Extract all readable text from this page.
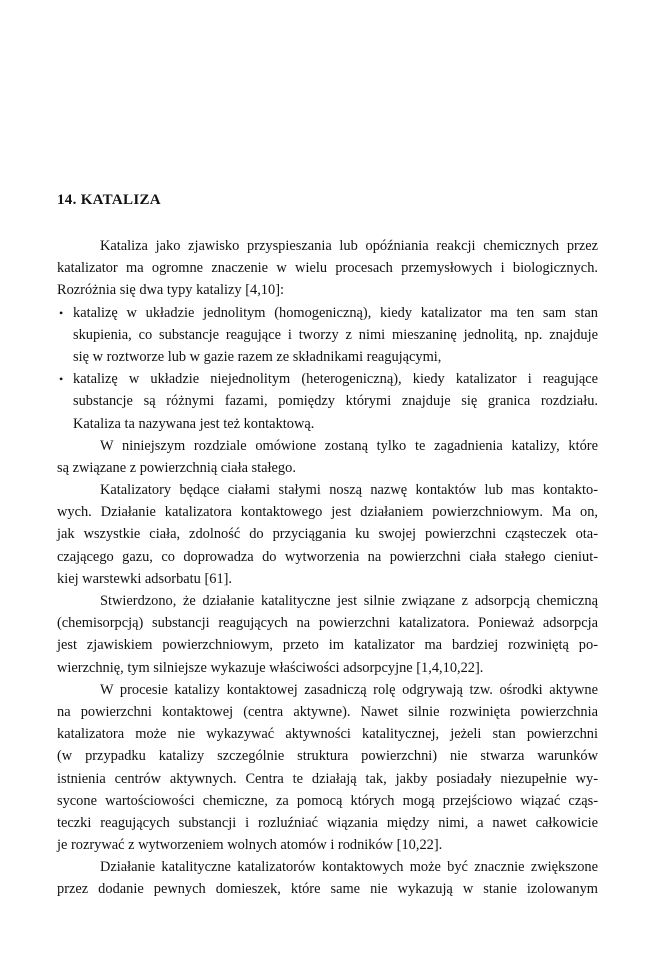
14. KATALIZA
Kataliza jako zjawisko przyspieszania lub opóźniania reakcji chemicznych przez
katalizator ma ogromne znaczenie w wielu procesach przemysłowych i biologicznych.
Rozróżnia się dwa typy katalizy [4,10]:
• katalizę w układzie jednolitym (homogeniczną), kiedy katalizator ma ten sam stan
skupienia, co substancje reagujące i tworzy z nimi mieszaninę jednolitą, np. znajduje
się w roztworze lub w gazie razem ze składnikami reagującymi,
• katalizę w układzie niejednolitym (heterogeniczną), kiedy katalizator i reagujące
substancje są różnymi fazami, pomiędzy którymi znajduje się granica rozdziału.
Kataliza ta nazywana jest też kontaktową.
W niniejszym rozdziale omówione zostaną tylko te zagadnienia katalizy, które
są związane z powierzchnią ciała stałego.
Katalizatory będące ciałami stałymi noszą nazwę kontaktów lub mas kontakto-
wych. Działanie katalizatora kontaktowego jest działaniem powierzchniowym. Ma on,
jak wszystkie ciała, zdolność do przyciągania ku swojej powierzchni cząsteczek ota-
czającego gazu, co doprowadza do wytworzenia na powierzchni ciała stałego cieniut-
kiej warstewki adsorbatu [61].
Stwierdzono, że działanie katalityczne jest silnie związane z adsorpcją chemiczną
(chemisorpcją) substancji reagujących na powierzchni katalizatora. Ponieważ adsorpcja
jest zjawiskiem powierzchniowym, przeto im katalizator ma bardziej rozwiniętą po-
wierzchnię, tym silniejsze wykazuje właściwości adsorpcyjne [1,4,10,22].
W procesie katalizy kontaktowej zasadniczą rolę odgrywają tzw. ośrodki aktywne
na powierzchni kontaktowej (centra aktywne). Nawet silnie rozwinięta powierzchnia
katalizatora może nie wykazywać aktywności katalitycznej, jeżeli stan powierzchni
(w przypadku katalizy szczególnie struktura powierzchni) nie stwarza warunków
istnienia centrów aktywnych. Centra te działają tak, jakby posiadały niezupełnie wy-
sycone wartościowości chemiczne, za pomocą których mogą przejściowo wiązać cząs-
teczki reagujących substancji i rozluźniać wiązania między nimi, a nawet całkowicie
je rozrywać z wytworzeniem wolnych atomów i rodników [10,22].
Działanie katalityczne katalizatorów kontaktowych może być znacznie zwiększone
przez dodanie pewnych domieszek, które same nie wykazują w stanie izolowanym
